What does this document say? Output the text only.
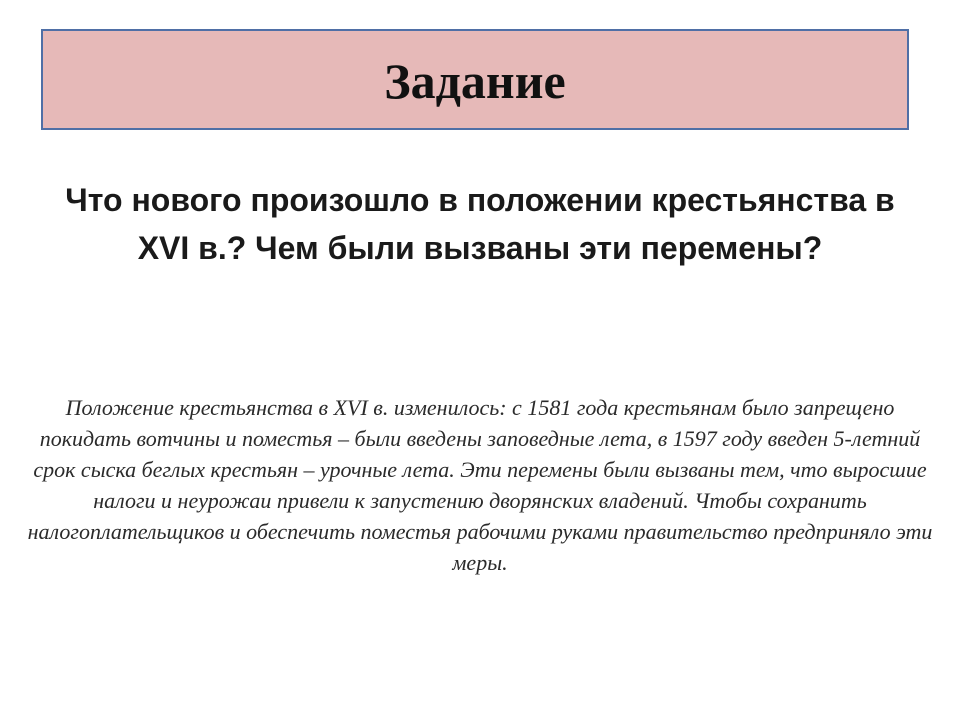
Задание
Что нового произошло в положении крестьянства в XVI в.? Чем были вызваны эти перемены?
Положение крестьянства в XVI в. изменилось: с 1581 года крестьянам было запрещено покидать вотчины и поместья – были введены заповедные лета, в 1597 году введен 5-летний срок сыска беглых крестьян – урочные лета. Эти перемены были вызваны тем, что выросшие налоги и неурожаи привели к запустению дворянских владений. Чтобы сохранить налогоплательщиков и обеспечить поместья рабочими руками правительство предприняло эти меры.
